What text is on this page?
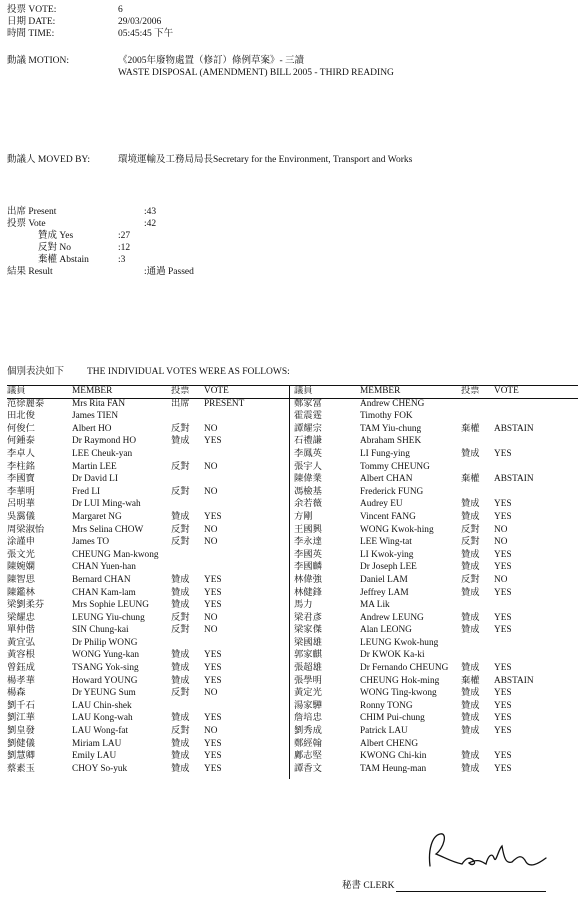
投票 VOTE:	6
日期 DATE:	29/03/2006
時間 TIME:	05:45:45 下午
動議 MOTION:	《2005年廢物處置（修訂）條例草案》- 三讀
WASTE DISPOSAL (AMENDMENT) BILL 2005 - THIRD READING
動議人 MOVED BY:	環境運輸及工務局局長Secretary for the Environment, Transport and Works
出席 Present	:43
投票 Vote	:42
贊成 Yes	:27
反對 No	:12
棄權 Abstain	:3
結果 Result	:通過 Passed
個別表決如下 THE INDIVIDUAL VOTES WERE AS FOLLOWS:
議員	MEMBER	投票	VOTE
范徐麗泰	Mrs Rita FAN	出席	PRESENT
田北俊	James TIEN		
何俊仁	Albert HO	反對	NO
何鍾泰	Dr Raymond HO	贊成	YES
李卓人	LEE Cheuk-yan		
李柱銘	Martin LEE	反對	NO
李國寶	Dr David LI		
李華明	Fred LI	反對	NO
呂明華	Dr LUI Ming-wah		
吳靄儀	Margaret NG	贊成	YES
周梁淑怡	Mrs Selina CHOW	反對	NO
涂謹申	James TO	反對	NO
張文光	CHEUNG Man-kwong		
陳婉嫻	CHAN Yuen-han		
陳智思	Bernard CHAN	贊成	YES
陳鑑林	CHAN Kam-lam	贊成	YES
梁劉柔芬	Mrs Sophie LEUNG	贊成	YES
梁耀忠	LEUNG Yiu-chung	反對	NO
單仲偕	SIN Chung-kai	反對	NO
黃宜弘	Dr Philip WONG		
黃容根	WONG Yung-kan	贊成	YES
曾鈺成	TSANG Yok-sing	贊成	YES
楊孝華	Howard YOUNG	贊成	YES
楊森	Dr YEUNG Sum	反對	NO
劉千石	LAU Chin-shek		
劉江華	LAU Kong-wah	贊成	YES
劉皇發	LAU Wong-fat	反對	NO
劉健儀	Miriam LAU	贊成	YES
劉慧卿	Emily LAU	贊成	YES
蔡素玉	CHOY So-yuk	贊成	YES
議員	MEMBER	投票	VOTE
鄭家富	Andrew CHENG		
霍震霆	Timothy FOK		
譚耀宗	TAM Yiu-chung	棄權	ABSTAIN
石禮謙	Abraham SHEK		
李鳳英	LI Fung-ying	贊成	YES
張宇人	Tommy CHEUNG		
陳偉業	Albert CHAN	棄權	ABSTAIN
馮檢基	Frederick FUNG		
余若薇	Audrey EU	贊成	YES
方剛	Vincent FANG	贊成	YES
王國興	WONG Kwok-hing	反對	NO
李永達	LEE Wing-tat	反對	NO
李國英	LI Kwok-ying	贊成	YES
李國麟	Dr Joseph LEE	贊成	YES
林偉強	Daniel LAM	反對	NO
林健鋒	Jeffrey LAM	贊成	YES
馬力	MA Lik		
梁君彥	Andrew LEUNG	贊成	YES
梁家傑	Alan LEONG	贊成	YES
梁國雄	LEUNG Kwok-hung		
郭家麒	Dr KWOK Ka-ki		
張超雄	Dr Fernando CHEUNG	贊成	YES
張學明	CHEUNG Hok-ming	棄權	ABSTAIN
黃定光	WONG Ting-kwong	贊成	YES
湯家驊	Ronny TONG	贊成	YES
詹培忠	CHIM Pui-chung	贊成	YES
劉秀成	Patrick LAU	贊成	YES
鄭經翰	Albert CHENG		
鄺志堅	KWONG Chi-kin	贊成	YES
譚香文	TAM Heung-man	贊成	YES
秘書 CLERK
